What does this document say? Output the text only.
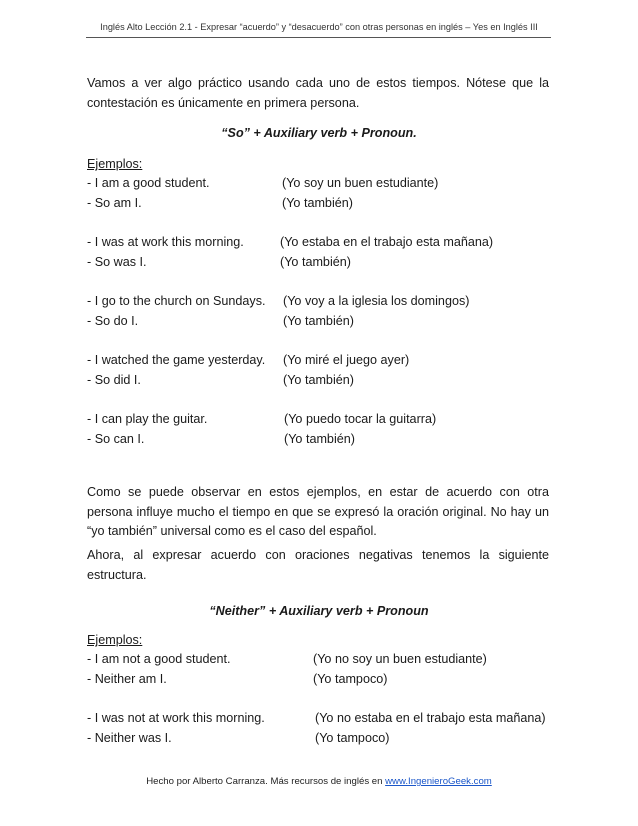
Inglés Alto Lección 2.1 - Expresar “acuerdo” y “desacuerdo” con otras personas en inglés – Yes en Inglés III
Vamos a ver algo práctico usando cada uno de estos tiempos. Nótese que la contestación es únicamente en primera persona.
“So” + Auxiliary verb + Pronoun.
Ejemplos:
- I am a good student.	(Yo soy un buen estudiante)
- So am I.	(Yo también)
- I was at work this morning.	(Yo estaba en el trabajo esta mañana)
- So was I.	(Yo también)
- I go to the church on Sundays. (Yo voy a la iglesia los domingos)
- So do I.	(Yo también)
- I watched the game yesterday. (Yo miré el juego ayer)
- So did I.	(Yo también)
- I can play the guitar.	(Yo puedo tocar la guitarra)
- So can I.	(Yo también)
Como se puede observar en estos ejemplos, en estar de acuerdo con otra persona influye mucho el tiempo en que se expresó la oración original. No hay un “yo también” universal como es el caso del español.
Ahora, al expresar acuerdo con oraciones negativas tenemos la siguiente estructura.
“Neither” + Auxiliary verb + Pronoun
Ejemplos:
- I am not a good student.	(Yo no soy un buen estudiante)
- Neither am I.	(Yo tampoco)
- I was not at work this morning.	(Yo no estaba en el trabajo esta mañana)
- Neither was I.	(Yo tampoco)
Hecho por Alberto Carranza. Más recursos de inglés en www.IngenieroGeek.com
